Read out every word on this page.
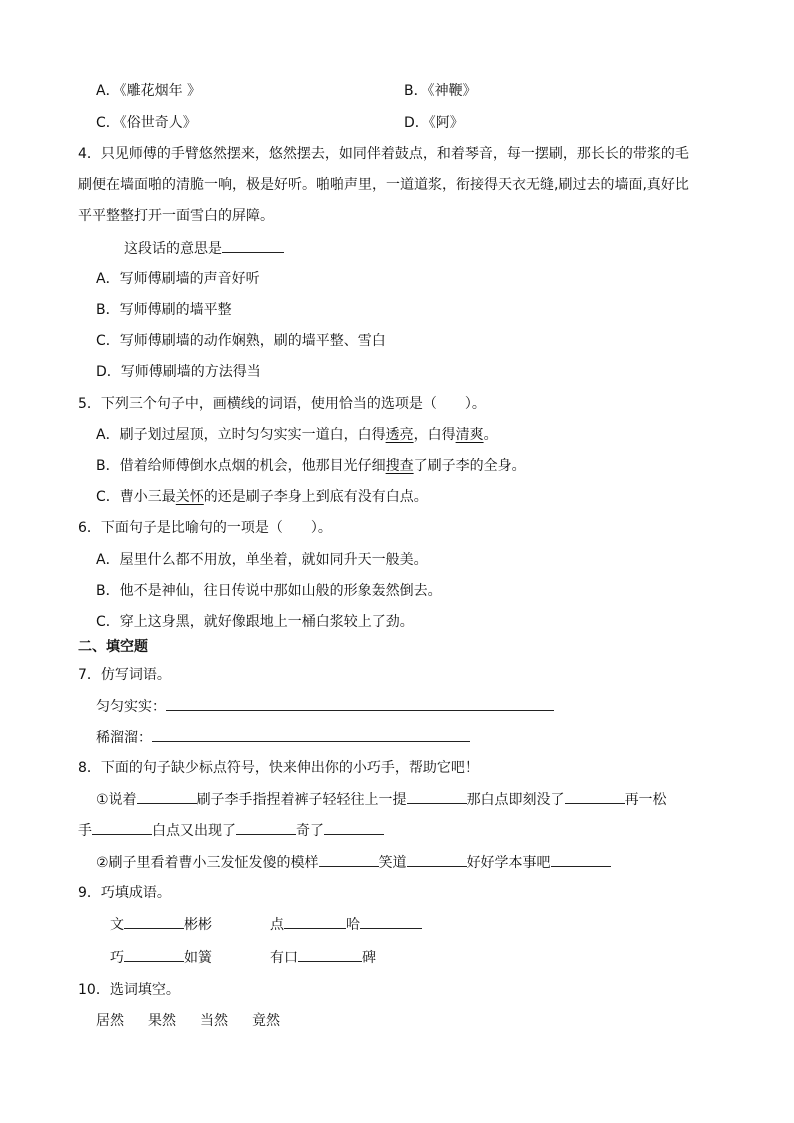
A．《雕花烟年 》	B．《神鞭》
C．《俗世奇人》	D．《阿》
4．只见师傅的手臂悠然摆来，悠然摆去，如同伴着鼓点，和着琴音，每一摆刷，那长长的带浆的毛
刷便在墙面啪的清脆一响，极是好听。啪啪声里，一道道浆，衔接得天衣无缝,刷过去的墙面,真好比
平平整整打开一面雪白的屏障。
这段话的意思是
A．写师傅刷墙的声音好听
B．写师傅刷的墙平整
C．写师傅刷墙的动作娴熟，刷的墙平整、雪白
D．写师傅刷墙的方法得当
5．下列三个句子中，画横线的词语，使用恰当的选项是（　　）。
A．刷子划过屋顶，立时匀匀实实一道白，白得透亮，白得清爽。
B．借着给师傅倒水点烟的机会，他那目光仔细搜查了刷子李的全身。
C．曹小三最关怀的还是刷子李身上到底有没有白点。
6．下面句子是比喻句的一项是（　　）。
A．屋里什么都不用放，单坐着，就如同升天一般美。
B．他不是神仙，往日传说中那如山般的形象轰然倒去。
C．穿上这身黑，就好像跟地上一桶白浆较上了劲。
二、填空题
7．仿写词语。
匀匀实实：
稀溜溜：
8．下面的句子缺少标点符号，快来伸出你的小巧手，帮助它吧！
①说着	刷子李手指捏着裤子轻轻往上一提	那白点即刻没了	再一松
手	白点又出现了	奇了
②刷子里看着曹小三发怔发傻的模样	笑道	好好学本事吧
9．巧填成语。
文	彬彬	点	哈
巧	如簧	有口	碑
10．选词填空。
居然 果然 当然 竟然
